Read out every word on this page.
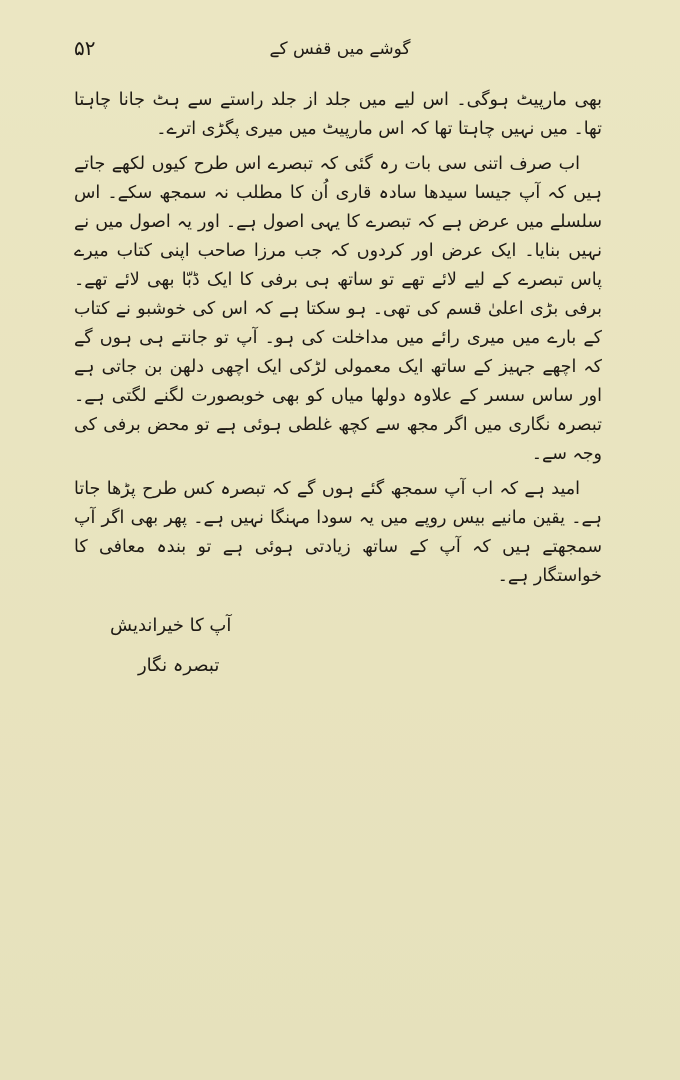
۵۲	گوشے میں قفس کے

بھی مارپیٹ ہوگی۔ اس لیے میں جلد از جلد راستے سے ہٹ جانا چاہتا تھا۔ میں نہیں چاہتا تھا کہ اس مارپیٹ میں میری پگڑی اترے۔

اب صرف اتنی سی بات رہ گئی کہ تبصرے اس طرح کیوں لکھے جاتے ہیں کہ آپ جیسا سیدھا سادہ قاری اُن کا مطلب نہ سمجھ سکے۔ اس سلسلے میں عرض ہے کہ تبصرے کا یہی اصول ہے۔ اور یہ اصول میں نے نہیں بنایا۔ ایک عرض اور کردوں کہ جب مرزا صاحب اپنی کتاب میرے پاس تبصرے کے لیے لائے تھے تو ساتھ ہی برفی کا ایک ڈبّا بھی لائے تھے۔ برفی بڑی اعلیٰ قسم کی تھی۔ ہو سکتا ہے کہ اس کی خوشبو نے کتاب کے بارے میں میری رائے میں مداخلت کی ہو۔ آپ تو جانتے ہی ہوں گے کہ اچھے جہیز کے ساتھ ایک معمولی لڑکی ایک اچھی دلھن بن جاتی ہے اور ساس سسر کے علاوہ دولھا میاں کو بھی خوبصورت لگنے لگتی ہے۔ تبصرہ نگاری میں اگر مجھ سے کچھ غلطی ہوئی ہے تو محض برفی کی وجہ سے۔

امید ہے کہ اب آپ سمجھ گئے ہوں گے کہ تبصرہ کس طرح پڑھا جاتا ہے۔ یقین مانیے بیس روپے میں یہ سودا مہنگا نہیں ہے۔ پھر بھی اگر آپ سمجھتے ہیں کہ آپ کے ساتھ زیادتی ہوئی ہے تو بندہ معافی کا خواستگار ہے۔

آپ کا خیراندیش
تبصرہ نگار
